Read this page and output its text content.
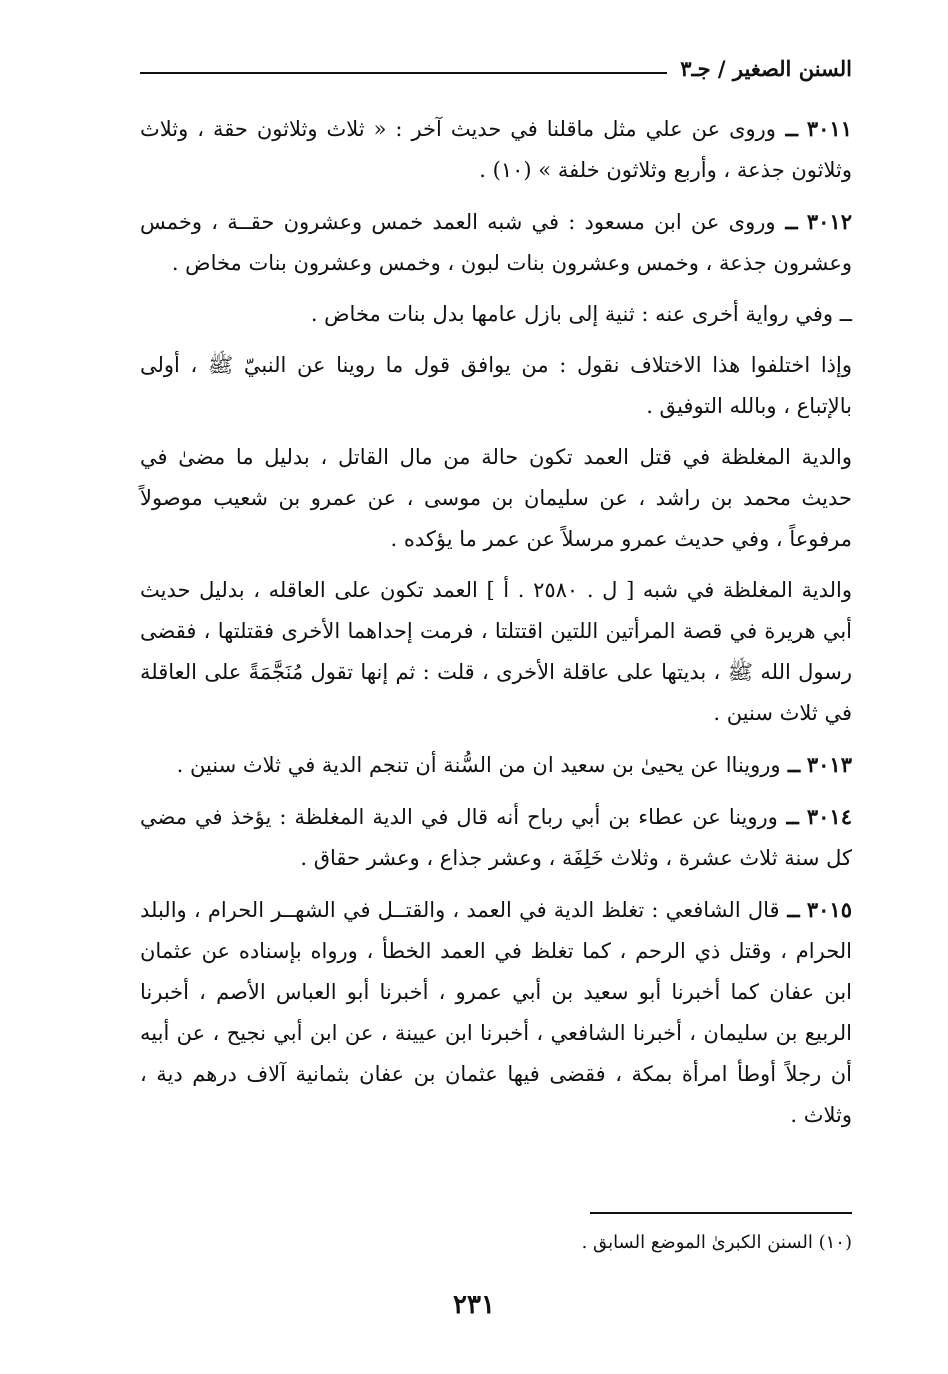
السنن الصغير / جـ٣

٣٠١١ ــ وروى عن علي مثل ماقلنا في حديث آخر : « ثلاث وثلاثون حقة ، وثلاث وثلاثون جذعة ، وأربع وثلاثون خلفة » (١٠) .

٣٠١٢ ــ وروى عن ابن مسعود : في شبه العمد خمس وعشرون حقــة ، وخمس وعشرون جذعة ، وخمس وعشرون بنات لبون ، وخمس وعشرون بنات مخاض .

ــ وفي رواية أخرى عنه : ثنية إلى بازل عامها بدل بنات مخاض .

وإذا اختلفوا هذا الاختلاف نقول : من يوافق قول ما روينا عن النبيّ ﷺ ، أولى بالإتباع ، وبالله التوفيق .

والدية المغلظة في قتل العمد تكون حالة من مال القاتل ، بدليل ما مضىٰ في حديث محمد بن راشد ، عن سليمان بن موسى ، عن عمرو بن شعيب موصولاً مرفوعاً ، وفي حديث عمرو مرسلاً عن عمر ما يؤكده .

والدية المغلظة في شبه [ ل . ٢٥٨٠ . أ ] العمد تكون على العاقله ، بدليل حديث أبي هريرة في قصة المرأتين اللتين اقتتلتا ، فرمت إحداهما الأخرى فقتلتها ، فقضى رسول الله ﷺ ، بديتها على عاقلة الأخرى ، قلت : ثم إنها تقول مُنَجَّمَةً على العاقلة في ثلاث سنين .

٣٠١٣ ــ ورويناا عن يحيىٰ بن سعيد ان من السُّنة أن تنجم الدية في ثلاث سنين .

٣٠١٤ ــ وروينا عن عطاء بن أبي رباح أنه قال في الدية المغلظة : يؤخذ في مضي كل سنة ثلاث عشرة ، وثلاث خَلِفَة ، وعشر جذاع ، وعشر حقاق .

٣٠١٥ ــ قال الشافعي : تغلظ الدية في العمد ، والقتــل في الشهــر الحرام ، والبلد الحرام ، وقتل ذي الرحم ، كما تغلظ في العمد الخطأ ، ورواه بإسناده عن عثمان ابن عفان كما أخبرنا أبو سعيد بن أبي عمرو ، أخبرنا أبو العباس الأصم ، أخبرنا الربيع بن سليمان ، أخبرنا الشافعي ، أخبرنا ابن عيينة ، عن ابن أبي نجيح ، عن أبيه أن رجلاً أوطأ امرأة بمكة ، فقضى فيها عثمان بن عفان بثمانية آلاف درهم دية ، وثلاث .

(١٠) السنن الكبرىٰ الموضع السابق .
٢٣١
